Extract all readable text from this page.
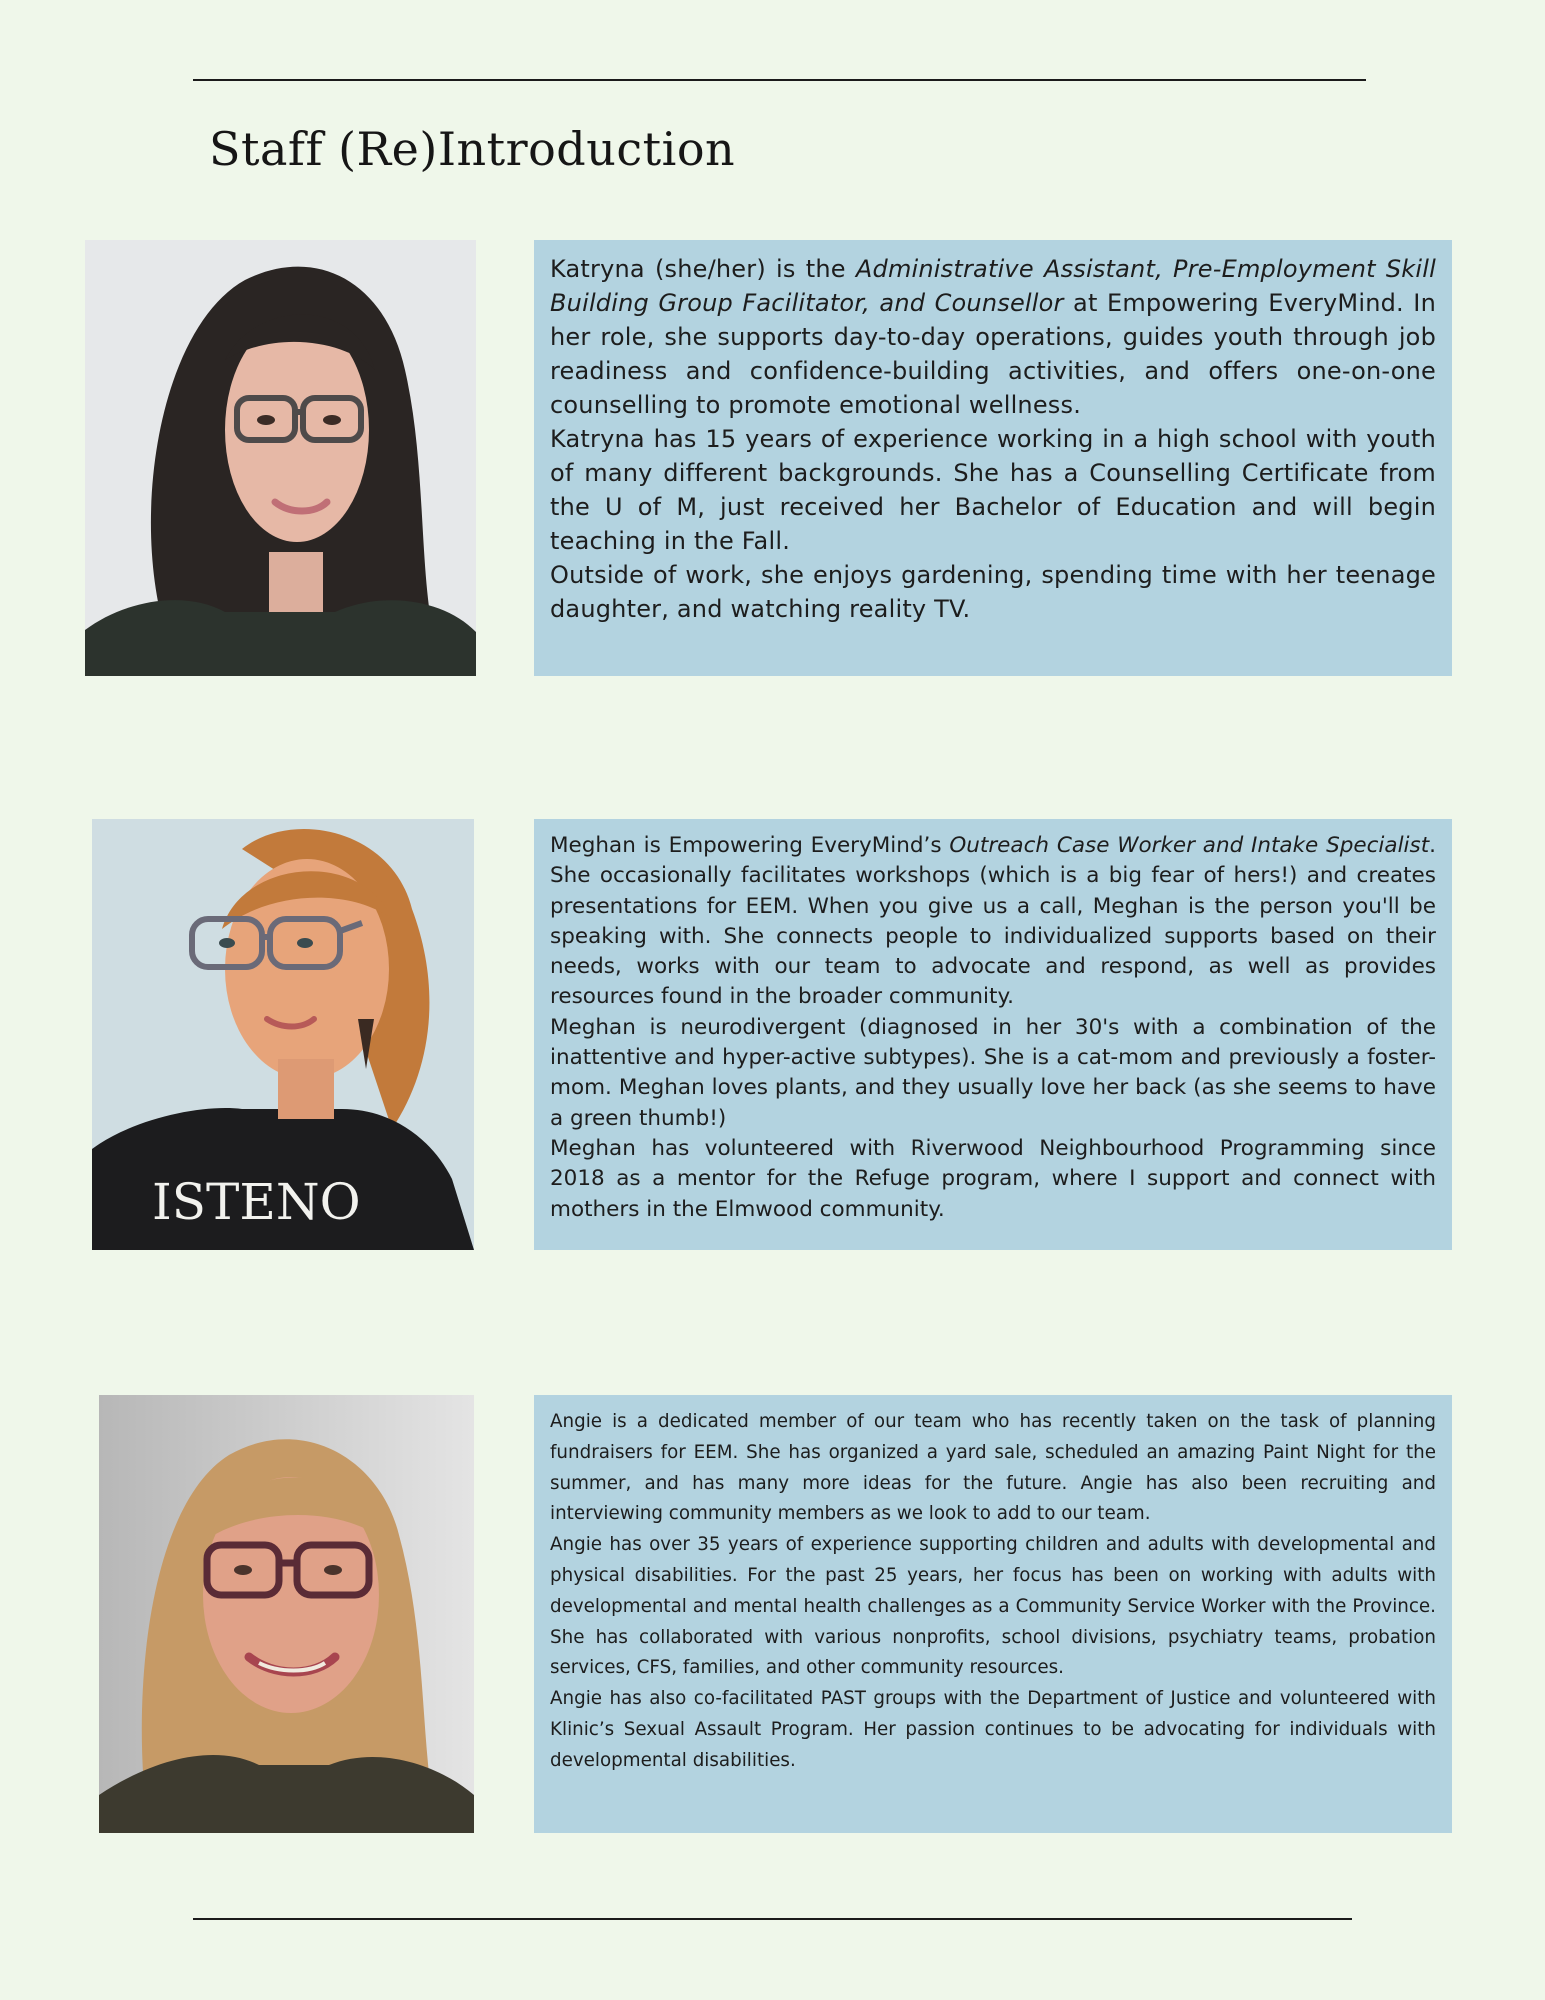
Staff (Re)Introduction

Katryna (she/her) is the Administrative Assistant, Pre-Employment Skill Building Group Facilitator, and Counsellor at Empowering EveryMind. In her role, she supports day-to-day operations, guides youth through job readiness and confidence-building activities, and offers one-on-one counselling to promote emotional wellness.

Katryna has 15 years of experience working in a high school with youth of many different backgrounds. She has a Counselling Certificate from the U of M, just received her Bachelor of Education and will begin teaching in the Fall.

Outside of work, she enjoys gardening, spending time with her teenage daughter, and watching reality TV.

ISTENO

Meghan is Empowering EveryMind’s Outreach Case Worker and Intake Specialist. She occasionally facilitates workshops (which is a big fear of hers!) and creates presentations for EEM. When you give us a call, Meghan is the person you'll be speaking with. She connects people to individualized supports based on their needs, works with our team to advocate and respond, as well as provides resources found in the broader community.

Meghan is neurodivergent (diagnosed in her 30's with a combination of the inattentive and hyper-active subtypes). She is a cat-mom and previously a foster-mom. Meghan loves plants, and they usually love her back (as she seems to have a green thumb!)

Meghan has volunteered with Riverwood Neighbourhood Programming since 2018 as a mentor for the Refuge program, where I support and connect with mothers in the Elmwood community.

Angie is a dedicated member of our team who has recently taken on the task of planning fundraisers for EEM. She has organized a yard sale, scheduled an amazing Paint Night for the summer, and has many more ideas for the future. Angie has also been recruiting and interviewing community members as we look to add to our team.

Angie has over 35 years of experience supporting children and adults with developmental and physical disabilities. For the past 25 years, her focus has been on working with adults with developmental and mental health challenges as a Community Service Worker with the Province. She has collaborated with various nonprofits, school divisions, psychiatry teams, probation services, CFS, families, and other community resources.

Angie has also co-facilitated PAST groups with the Department of Justice and volunteered with Klinic’s Sexual Assault Program. Her passion continues to be advocating for individuals with developmental disabilities.
